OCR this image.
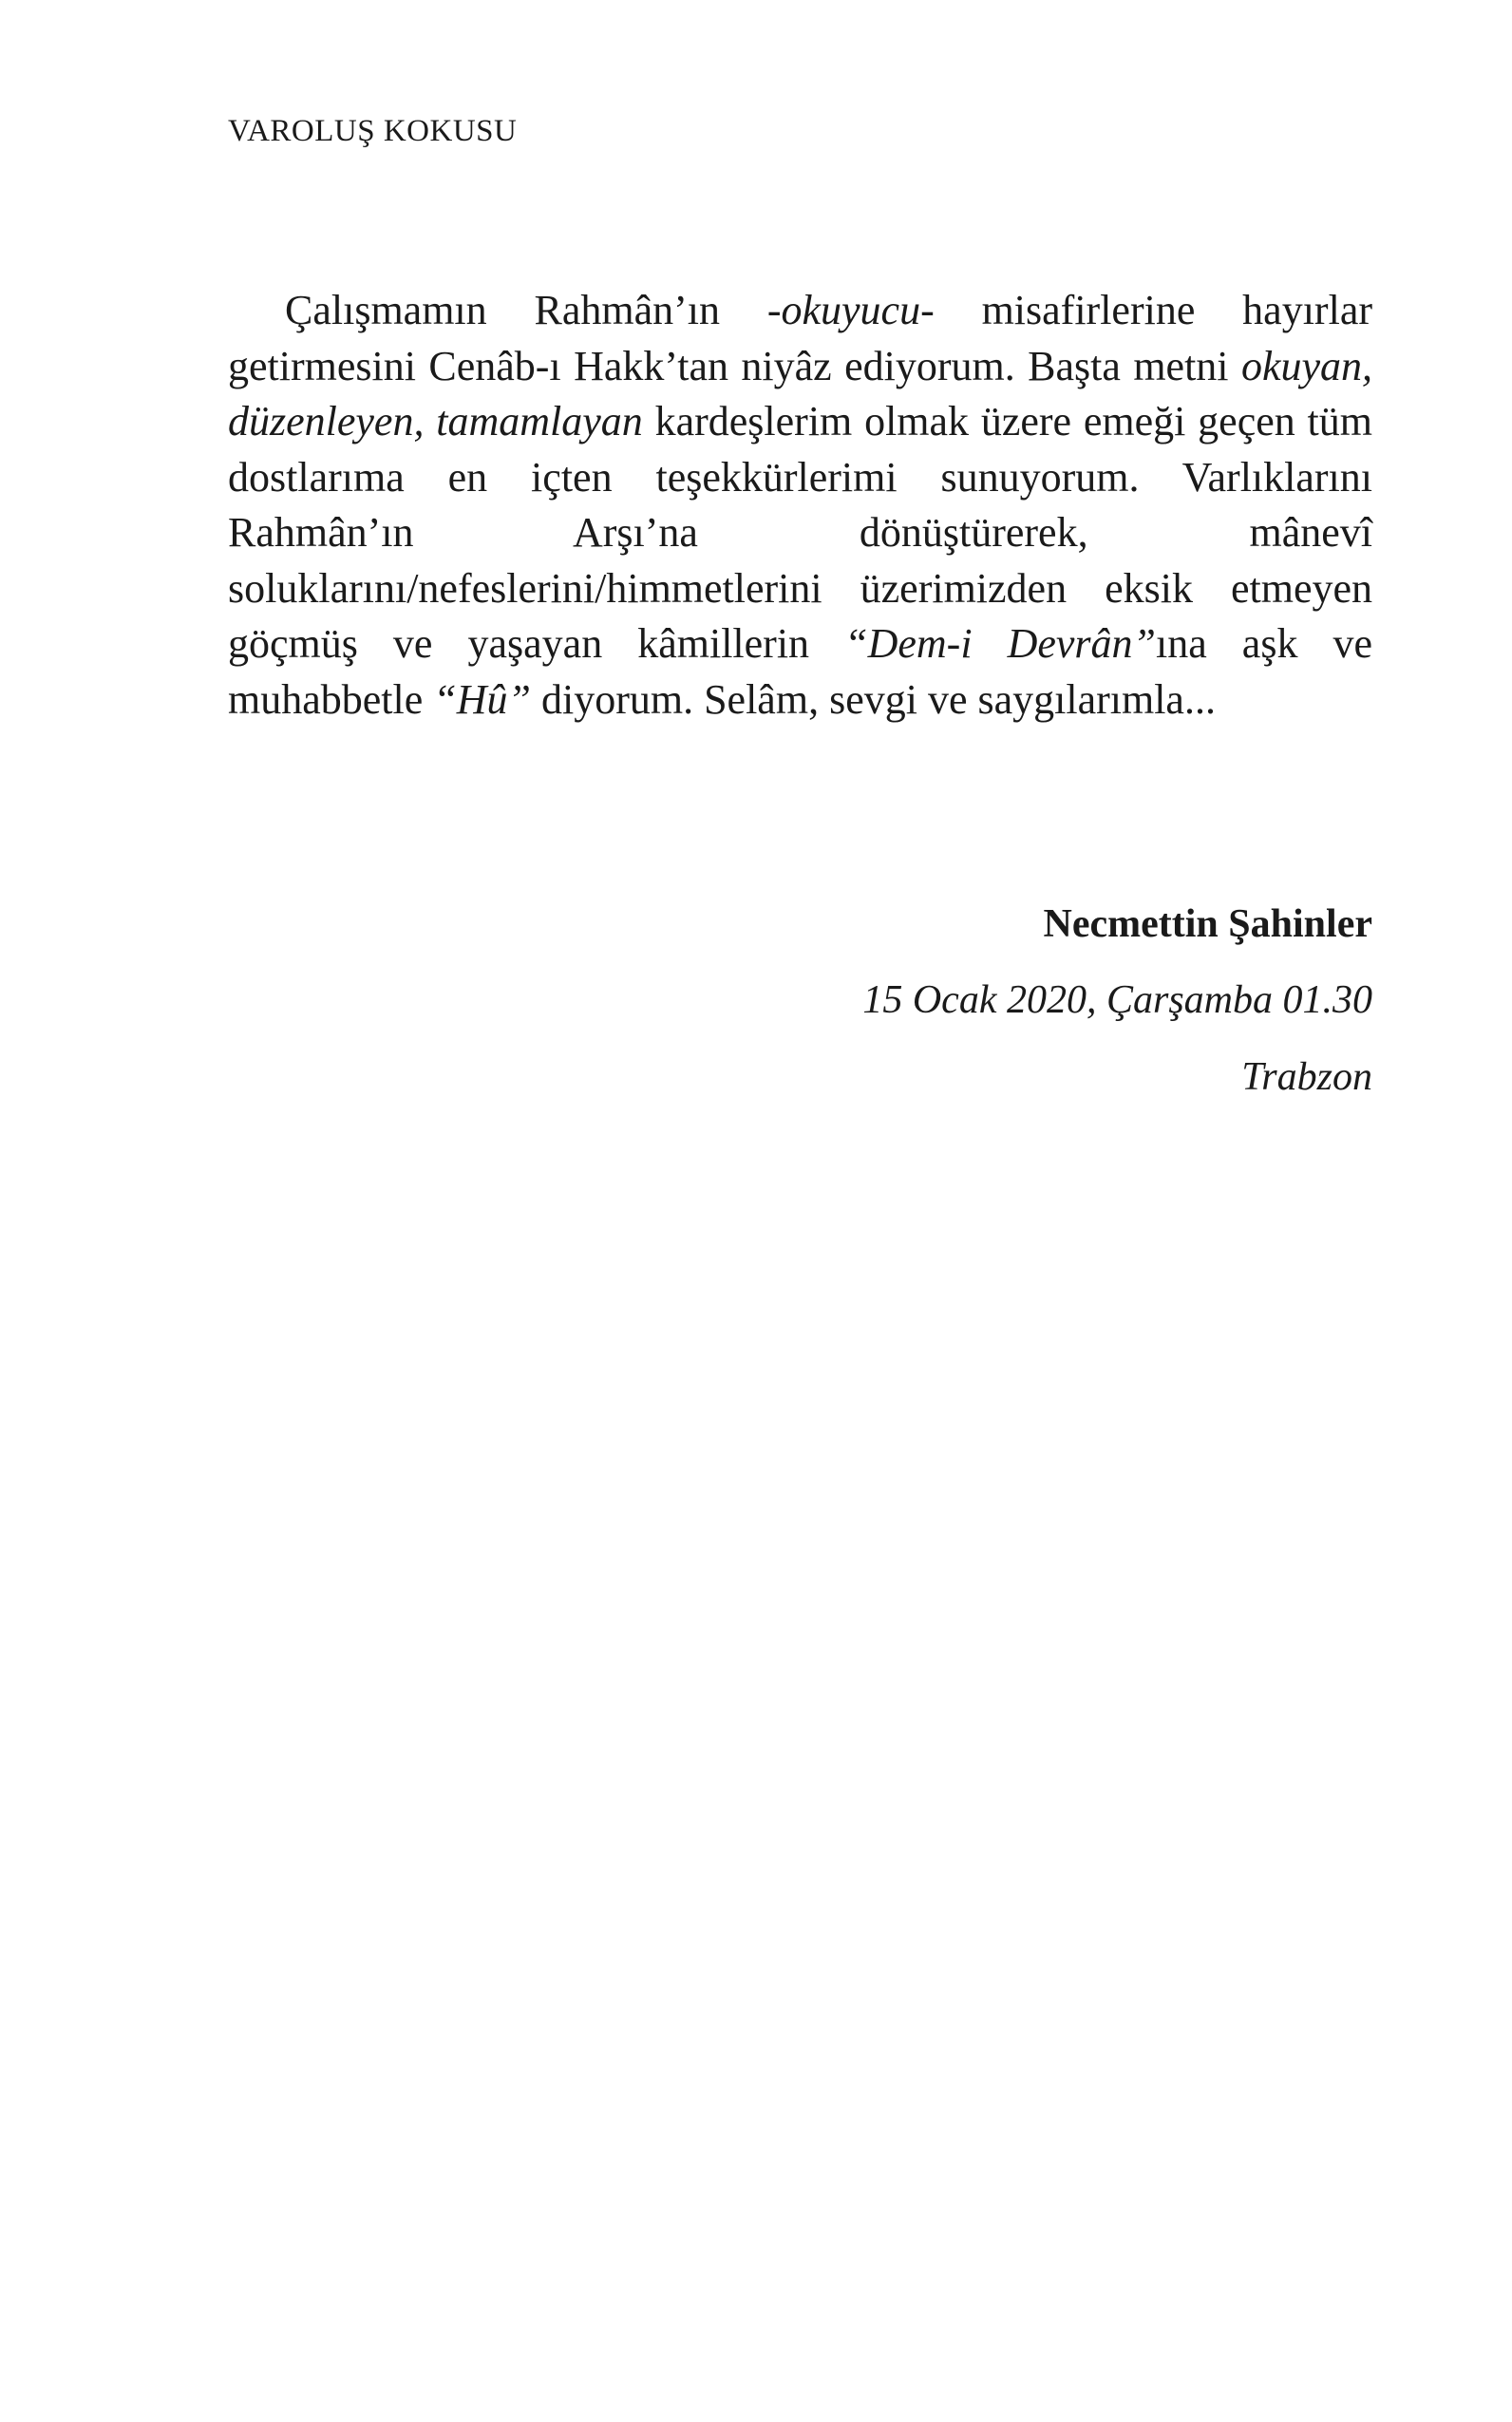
VAROLUŞ KOKUSU

Çalışmamın Rahmân’ın -okuyucu- misafirlerine hayırlar getirmesini Cenâb-ı Hakk’tan niyâz ediyorum. Başta metni okuyan, düzenleyen, tamamlayan kardeşlerim olmak üzere emeği geçen tüm dostlarıma en içten teşekkürlerimi sunuyorum. Varlıklarını Rahmân’ın Arşı’na dönüştürerek, mânevî soluklarını/nefeslerini/himmetlerini üzerimizden eksik etmeyen göçmüş ve yaşayan kâmillerin “Dem-i Devrân”ına aşk ve muhabbetle “Hû” diyorum. Selâm, sevgi ve saygılarımla...

Necmettin Şahinler
15 Ocak 2020, Çarşamba 01.30
Trabzon
